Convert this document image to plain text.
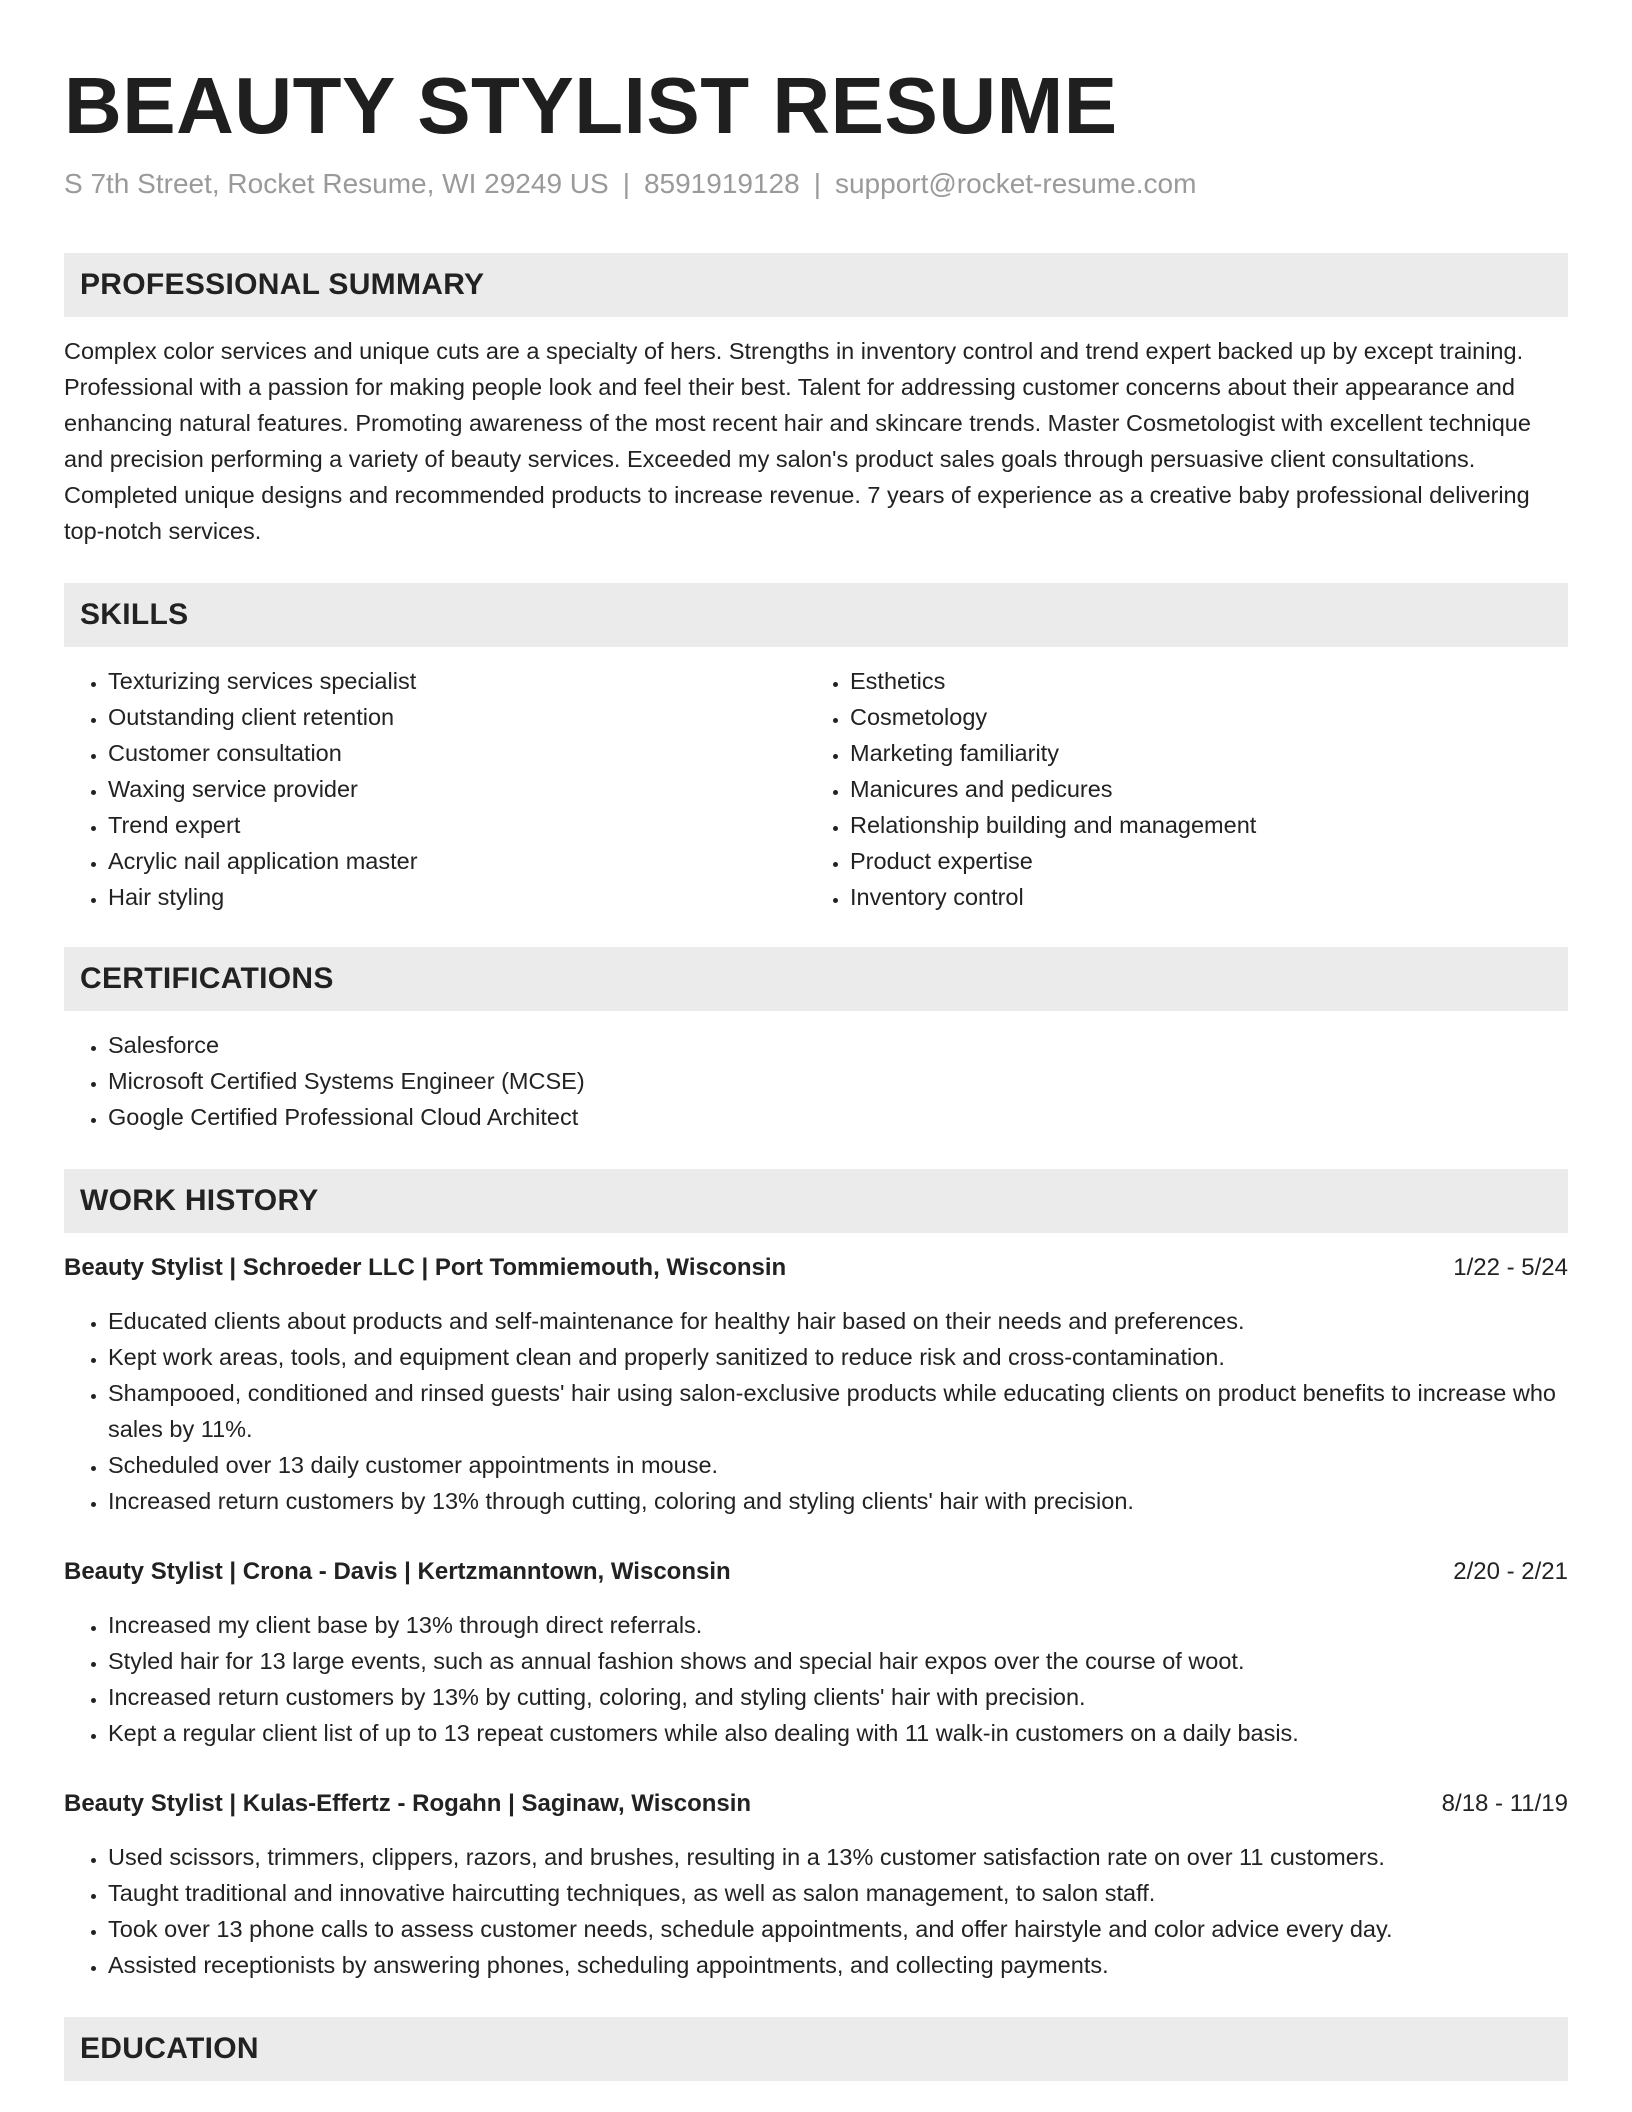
BEAUTY STYLIST RESUME
S 7th Street, Rocket Resume, WI 29249 US | 8591919128 | support@rocket-resume.com
PROFESSIONAL SUMMARY
Complex color services and unique cuts are a specialty of hers. Strengths in inventory control and trend expert backed up by except training. Professional with a passion for making people look and feel their best. Talent for addressing customer concerns about their appearance and enhancing natural features. Promoting awareness of the most recent hair and skincare trends. Master Cosmetologist with excellent technique and precision performing a variety of beauty services. Exceeded my salon's product sales goals through persuasive client consultations. Completed unique designs and recommended products to increase revenue. 7 years of experience as a creative baby professional delivering top-notch services.
SKILLS
• Texturizing services specialist
• Outstanding client retention
• Customer consultation
• Waxing service provider
• Trend expert
• Acrylic nail application master
• Hair styling
• Esthetics
• Cosmetology
• Marketing familiarity
• Manicures and pedicures
• Relationship building and management
• Product expertise
• Inventory control
CERTIFICATIONS
• Salesforce
• Microsoft Certified Systems Engineer (MCSE)
• Google Certified Professional Cloud Architect
WORK HISTORY
Beauty Stylist | Schroeder LLC | Port Tommiemouth, Wisconsin	1/22 - 5/24
• Educated clients about products and self-maintenance for healthy hair based on their needs and preferences.
• Kept work areas, tools, and equipment clean and properly sanitized to reduce risk and cross-contamination.
• Shampooed, conditioned and rinsed guests' hair using salon-exclusive products while educating clients on product benefits to increase who sales by 11%.
• Scheduled over 13 daily customer appointments in mouse.
• Increased return customers by 13% through cutting, coloring and styling clients' hair with precision.
Beauty Stylist | Crona - Davis | Kertzmanntown, Wisconsin	2/20 - 2/21
• Increased my client base by 13% through direct referrals.
• Styled hair for 13 large events, such as annual fashion shows and special hair expos over the course of woot.
• Increased return customers by 13% by cutting, coloring, and styling clients' hair with precision.
• Kept a regular client list of up to 13 repeat customers while also dealing with 11 walk-in customers on a daily basis.
Beauty Stylist | Kulas-Effertz - Rogahn | Saginaw, Wisconsin	8/18 - 11/19
• Used scissors, trimmers, clippers, razors, and brushes, resulting in a 13% customer satisfaction rate on over 11 customers.
• Taught traditional and innovative haircutting techniques, as well as salon management, to salon staff.
• Took over 13 phone calls to assess customer needs, schedule appointments, and offer hairstyle and color advice every day.
• Assisted receptionists by answering phones, scheduling appointments, and collecting payments.
EDUCATION
